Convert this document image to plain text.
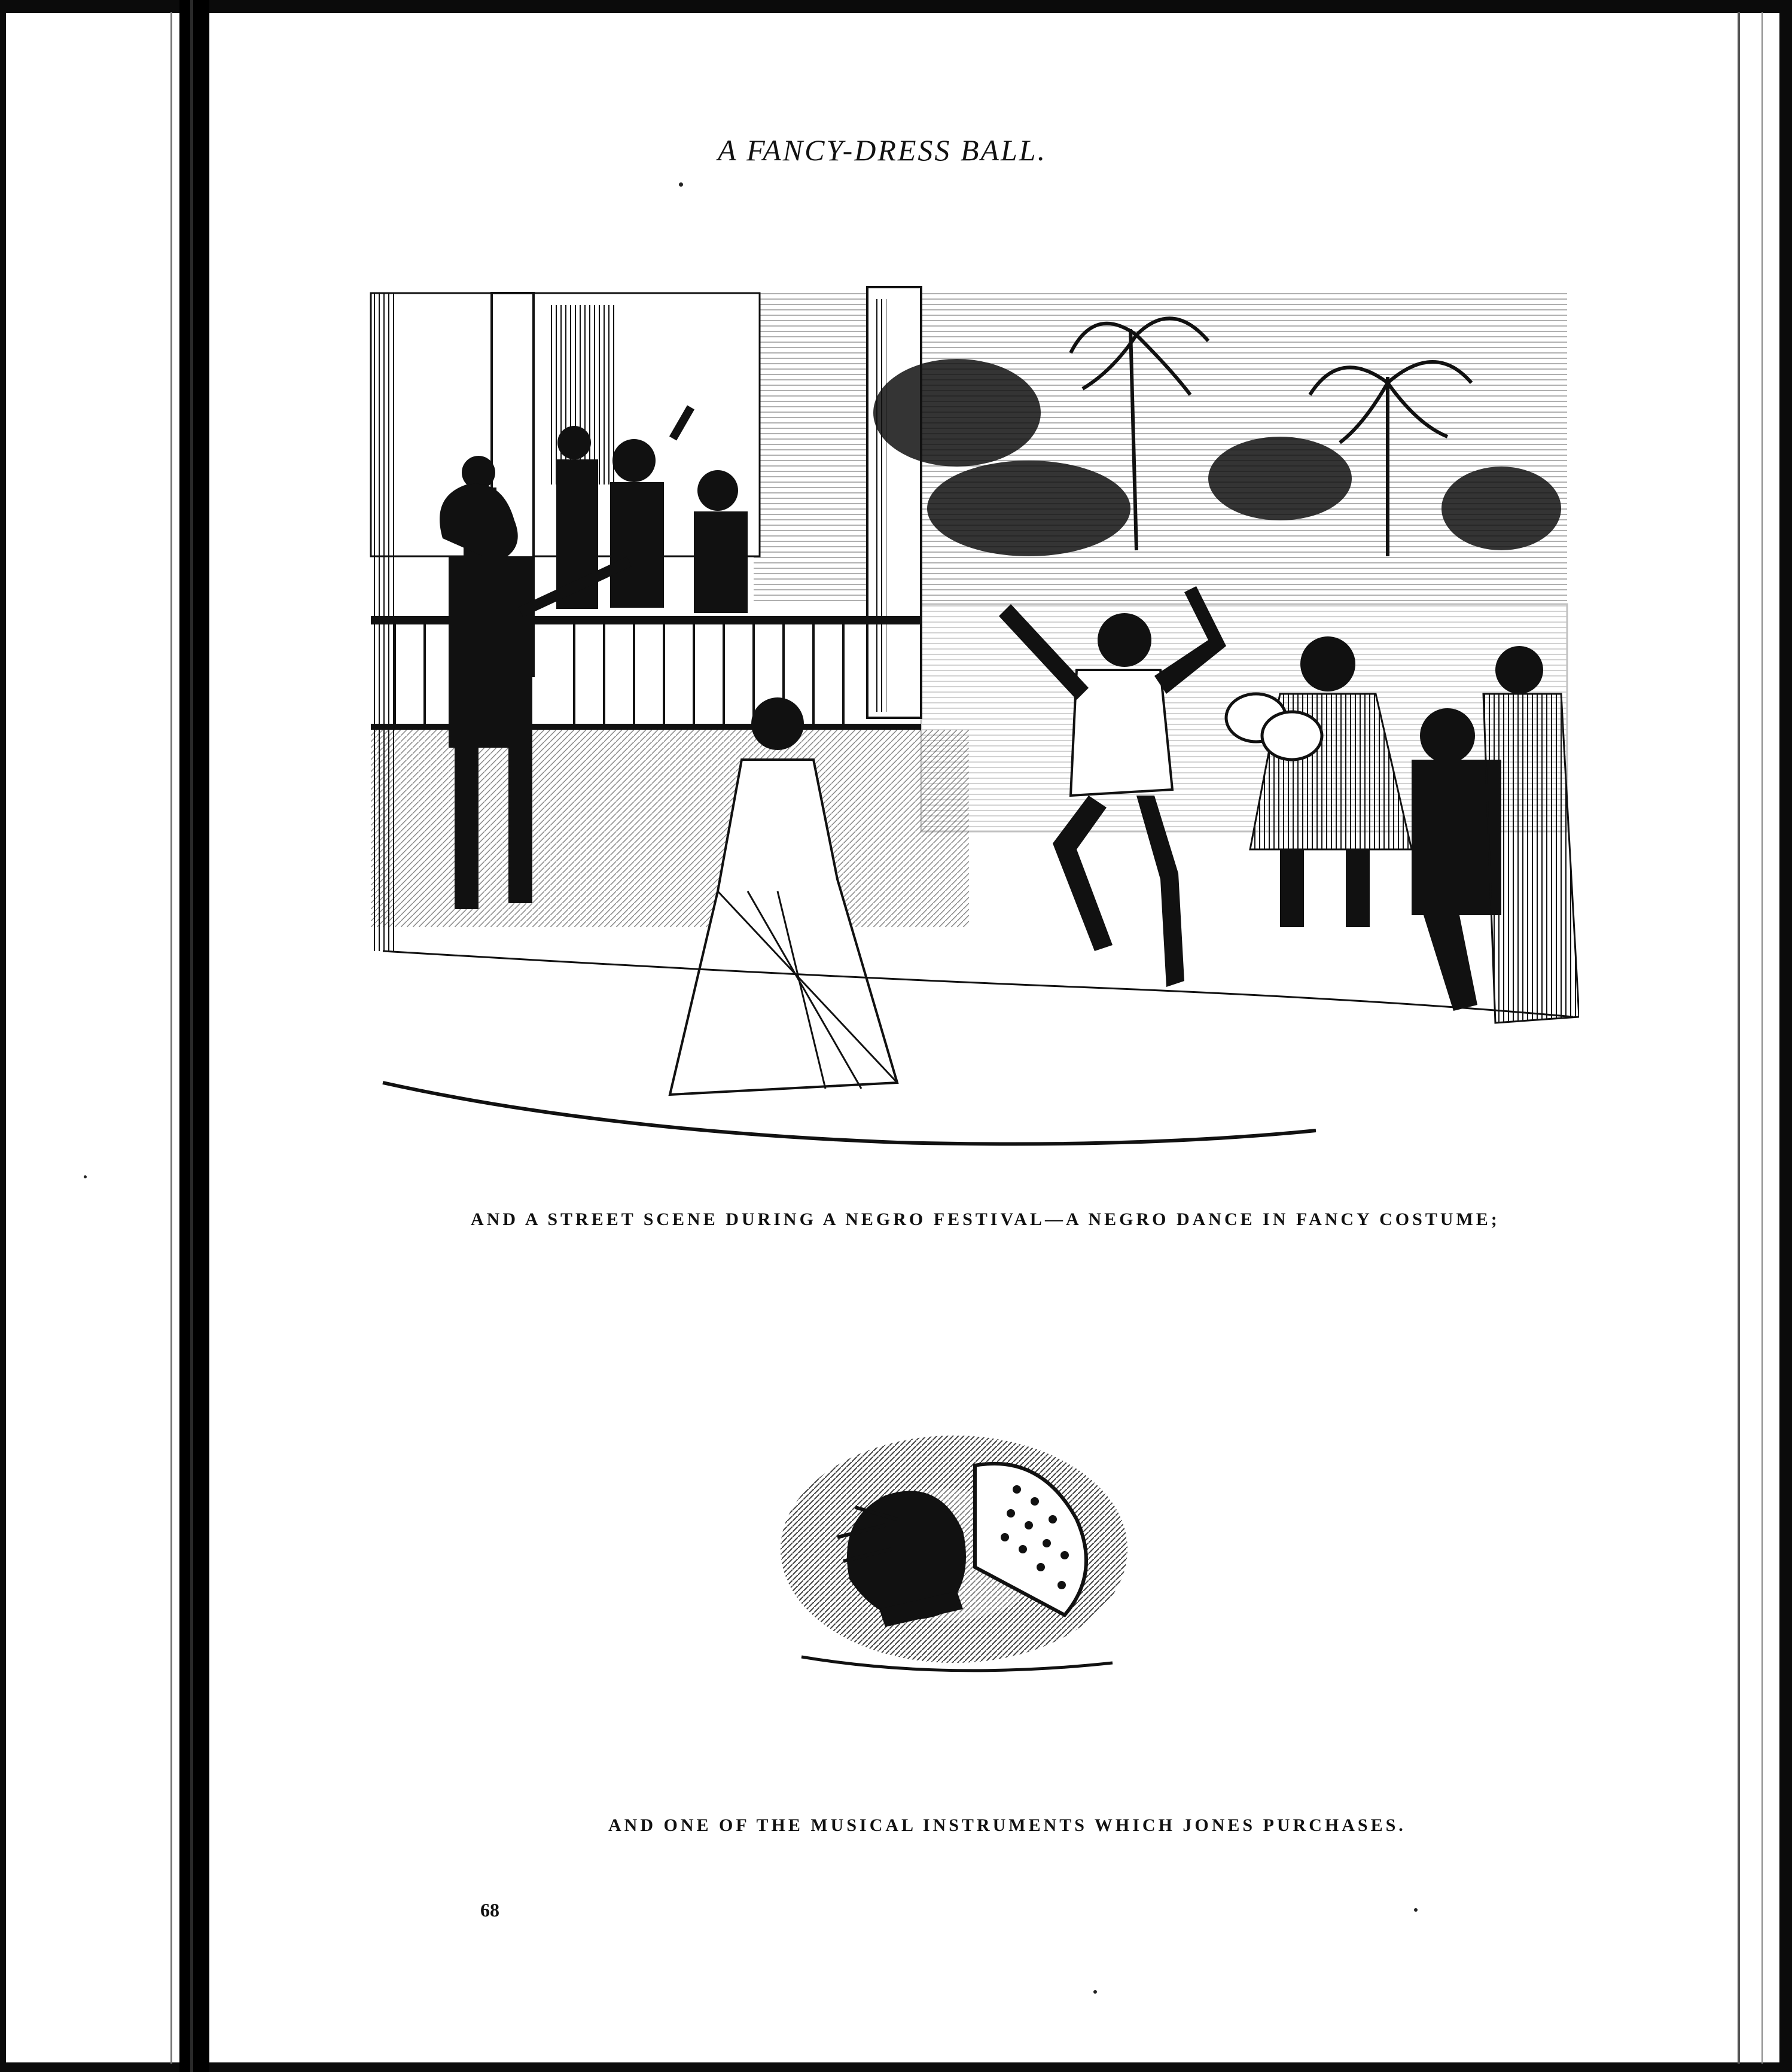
A FANCY-DRESS BALL.
AND A STREET SCENE DURING A NEGRO FESTIVAL—A NEGRO DANCE IN FANCY COSTUME;
AND ONE OF THE MUSICAL INSTRUMENTS WHICH JONES PURCHASES.
68
